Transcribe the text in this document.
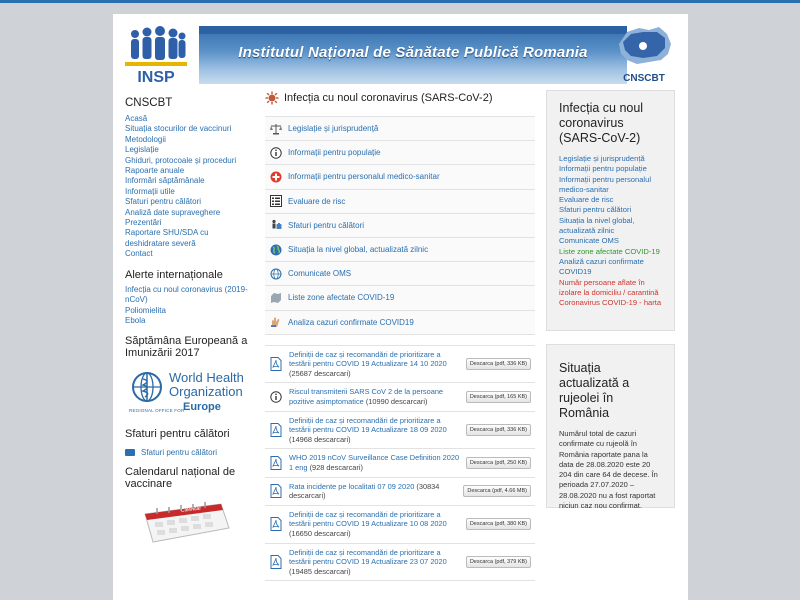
INSP
Institutul Național de Sănătate Publică Romania
CNSCBT
CNSCBT
Acasă
Situația stocurilor de vaccinuri
Metodologii
Legislație
Ghiduri, protocoale și proceduri
Rapoarte anuale
Informări săptămânale
Informații utile
Sfaturi pentru călători
Analiză date supraveghere
Prezentări
Raportare SHU/SDA cu deshidratare severă
Contact
Alerte internaționale
Infecția cu noul coronavirus (2019-nCoV)
Poliomielita
Ebola
Săptămâna Europeană a Imunizării 2017
World Health
Organization
REGIONAL OFFICE FOR
Europe
Sfaturi pentru călători
Sfaturi pentru călători
Calendarul național de vaccinare
Calendar
Infecția cu noul coronavirus (SARS-CoV-2)
Legislație și jurisprudență
Informații pentru populație
Informații pentru personalul medico-sanitar
Evaluare de risc
Sfaturi pentru călători
Situația la nivel global, actualizată zilnic
Comunicate OMS
Liste zone afectate COVID-19
Analiza cazuri confirmate COVID19
Definiții de caz și recomandări de prioritizare a testării pentru COVID 19 Actualizare 14 10 2020 (25687 descarcari)
Descarca (pdf, 336 KB)
Riscul transmiterii SARS CoV 2 de la persoane pozitive asimptomatice (10990 descarcari)	Descarca (pdf, 165 KB)
Definiții de caz și recomandări de prioritizare a testării pentru COVID 19 Actualizare 18 09 2020 (14968 descarcari)
Descarca (pdf, 336 KB)
WHO 2019 nCoV Surveillance Case Definition 2020 1 eng (928 descarcari)	Descarca (pdf, 250 KB)
Rata incidente pe localitati 07 09 2020 (30834 descarcari)	Descarca (pdf, 4.66 MB)
Definiții de caz și recomandări de prioritizare a testării pentru COVID 19 Actualizare 10 08 2020 (16650 descarcari)
Descarca (pdf, 380 KB)
Definiții de caz și recomandări de prioritizare a testării pentru COVID 19 Actualizare 23 07 2020 (19485 descarcari)
Descarca (pdf, 379 KB)
Infecția cu noul coronavirus (SARS-CoV-2)
Legislație și jurisprudență
Informații pentru populație
Informații pentru personalul medico-sanitar
Evaluare de risc
Sfaturi pentru călători
Situația la nivel global, actualizată zilnic
Comunicate OMS
Liste zone afectate COVID-19
Analiză cazuri confirmate COVID19
Număr persoane aflate în izolare la domiciliu / carantină
Coronavirus COVID-19 - harta
Situația actualizată a rujeolei în România

Numărul total de cazuri confirmate cu rujeolă în România raportate pana la data de 28.08.2020 este 20 204 din care 64 de decese. În perioada 27.07.2020 – 28.08.2020 nu a fost raportat niciun caz nou confirmat.
